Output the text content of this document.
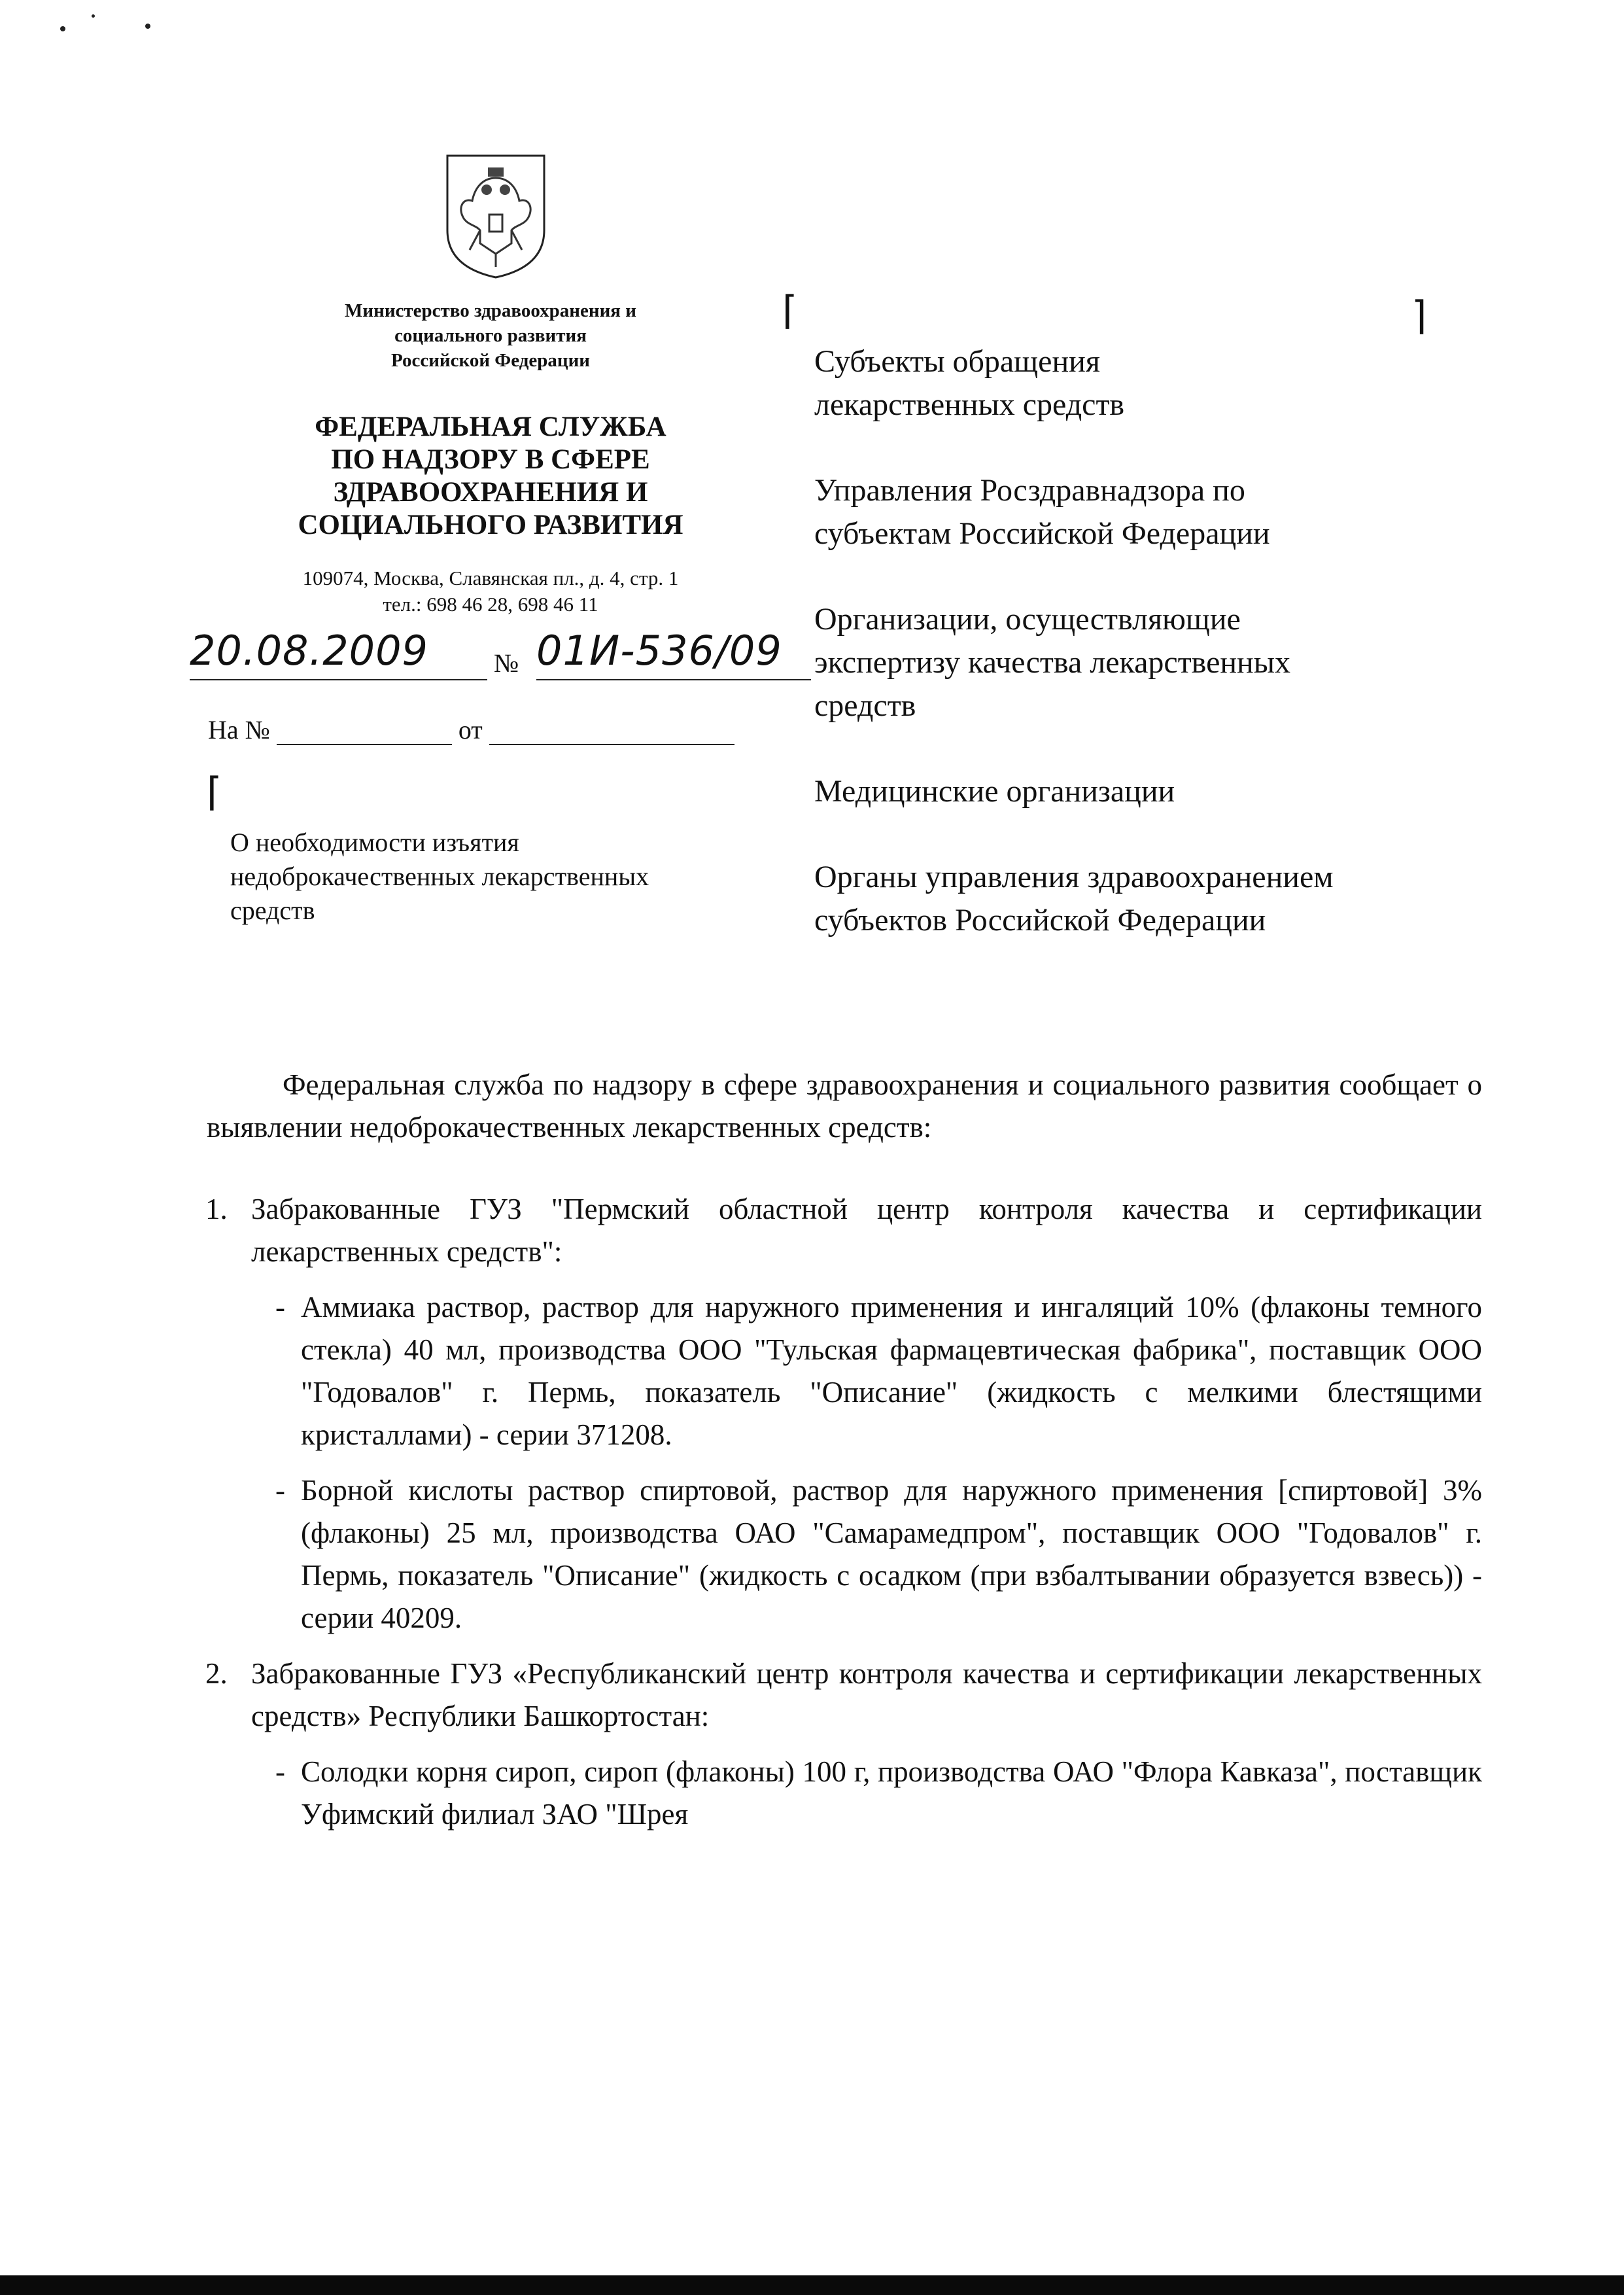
Министерство здравоохранения и
социального развития
Российской Федерации
ФЕДЕРАЛЬНАЯ СЛУЖБА
ПО НАДЗОРУ В СФЕРЕ
ЗДРАВООХРАНЕНИЯ И
СОЦИАЛЬНОГО РАЗВИТИЯ
109074, Москва, Славянская пл., д. 4, стр. 1
тел.: 698 46 28, 698 46 11
20.08.2009	№ 01И-536/09
На №	от
⌈	⌉
⌈
О необходимости изъятия
недоброкачественных лекарственных
средств
Субъекты обращения
лекарственных средств
Управления Росздравнадзора по
субъектам Российской Федерации
Организации, осуществляющие
экспертизу качества лекарственных
средств
Медицинские организации
Органы управления здравоохранением
субъектов Российской Федерации

Федеральная служба по надзору в сфере здравоохранения и социального развития сообщает о выявлении недоброкачественных лекарственных средств:

1. Забракованные ГУЗ "Пермский областной центр контроля качества и сертификации лекарственных средств":

- Аммиака раствор, раствор для наружного применения и ингаляций 10% (флаконы темного стекла) 40 мл, производства ООО "Тульская фармацевтическая фабрика", поставщик ООО "Годовалов" г. Пермь, показатель "Описание" (жидкость с мелкими блестящими кристаллами) - серии 371208.

- Борной кислоты раствор спиртовой, раствор для наружного применения [спиртовой] 3% (флаконы) 25 мл, производства ОАО "Самарамедпром", поставщик ООО "Годовалов" г. Пермь, показатель "Описание" (жидкость с осадком (при взбалтывании образуется взвесь)) - серии 40209.

2. Забракованные ГУЗ «Республиканский центр контроля качества и сертификации лекарственных средств» Республики Башкортостан:

- Солодки корня сироп, сироп (флаконы) 100 г, производства ОАО "Флора Кавказа", поставщик Уфимский филиал ЗАО "Шрея
